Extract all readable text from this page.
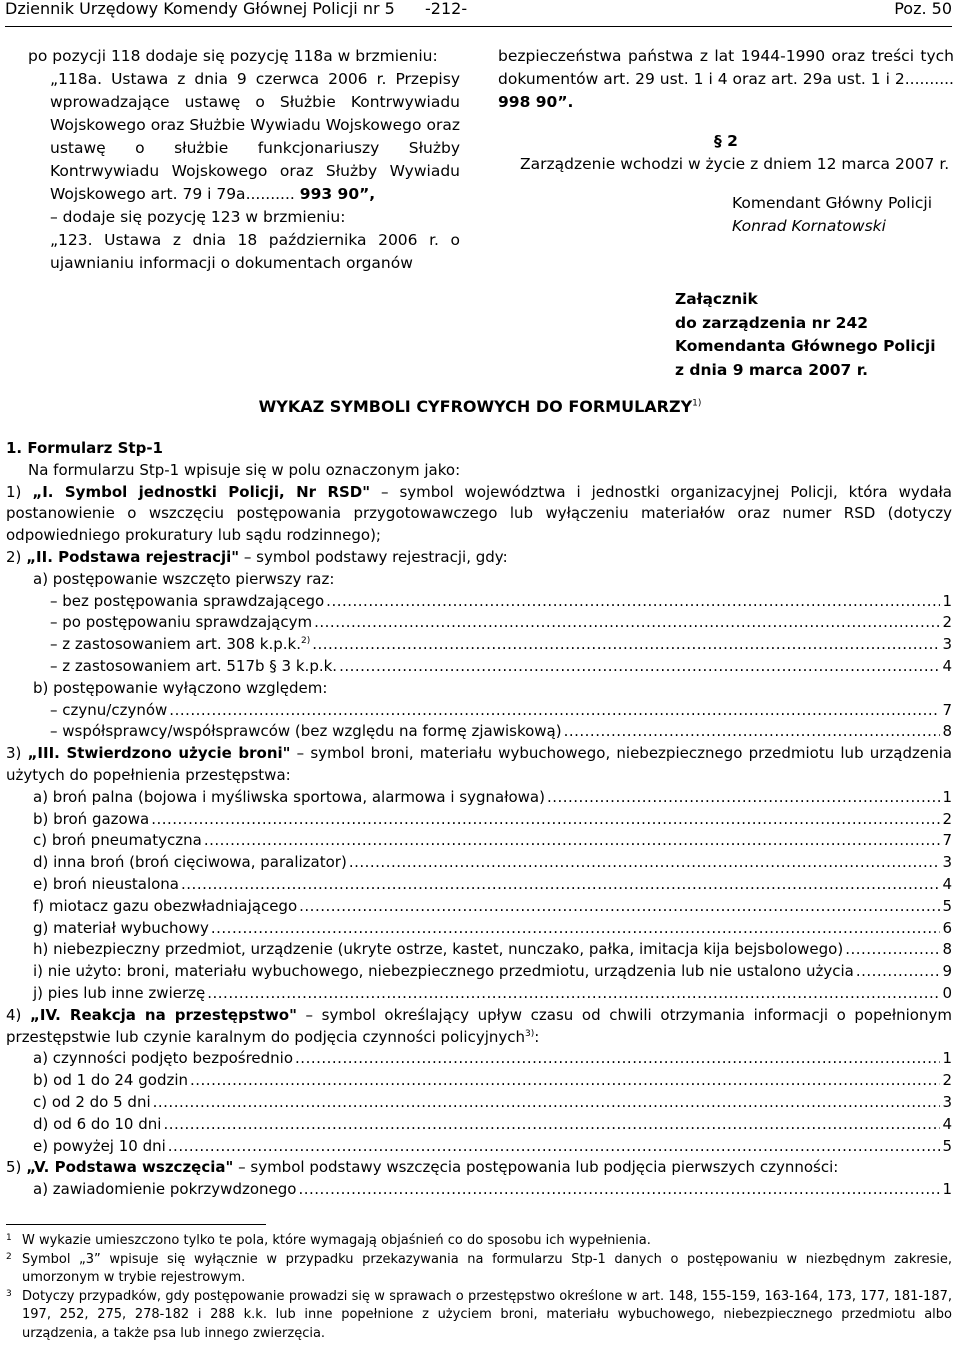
Dziennik Urzędowy Komendy Głównej Policji nr 5 -212-	Poz. 50
po pozycji 118 dodaje się pozycję 118a w brzmieniu:
„118a. Ustawa z dnia 9 czerwca 2006 r. Przepisy wprowadzające ustawę o Służbie Kontrwywiadu Wojskowego oraz Służbie Wywiadu Wojskowego oraz ustawę o służbie funkcjonariuszy Służby Kontrwywiadu Wojskowego oraz Służby Wywiadu Wojskowego art. 79 i 79a.......... 993 90”,
– dodaje się pozycję 123 w brzmieniu:
„123. Ustawa z dnia 18 października 2006 r. o ujawnianiu informacji o dokumentach organów
bezpieczeństwa państwa z lat 1944-1990 oraz treści tych dokumentów art. 29 ust. 1 i 4 oraz art. 29a ust. 1 i 2.......... 998 90”.
§ 2
Zarządzenie wchodzi w życie z dniem 12 marca 2007 r.
Komendant Główny Policji
Konrad Kornatowski
Załącznik
do zarządzenia nr 242
Komendanta Głównego Policji
z dnia 9 marca 2007 r.
WYKAZ SYMBOLI CYFROWYCH DO FORMULARZY$^{1)}$
1. Formularz Stp-1
Na formularzu Stp-1 wpisuje się w polu oznaczonym jako:
1) „I. Symbol jednostki Policji, Nr RSD" – symbol województwa i jednostki organizacyjnej Policji, która wydała postanowienie o wszczęciu postępowania przygotowawczego lub wyłączeniu materiałów oraz numer RSD (dotyczy odpowiedniego prokuratury lub sądu rodzinnego);
2) „II. Podstawa rejestracji" – symbol podstawy rejestracji, gdy:
a) postępowanie wszczęto pierwszy raz:
– bez postępowania sprawdzającego .....	1
– po postępowaniu sprawdzającym .....	2
– z zastosowaniem art. 308 k.p.k.$^{2)}$ .....	3
– z zastosowaniem art. 517b § 3 k.p.k. .....	4
b) postępowanie wyłączono względem:
– czynu/czynów .....	7
– współsprawcy/współsprawców (bez względu na formę zjawiskową) .....	8
3) „III. Stwierdzono użycie broni" – symbol broni, materiału wybuchowego, niebezpiecznego przedmiotu lub urządzenia użytych do popełnienia przestępstwa:
a) broń palna (bojowa i myśliwska sportowa, alarmowa i sygnałowa) .....	1
b) broń gazowa .....	2
c) broń pneumatyczna .....	7
d) inna broń (broń cięciwowa, paralizator) .....	3
e) broń nieustalona .....	4
f) miotacz gazu obezwładniającego .....	5
g) materiał wybuchowy .....	6
h) niebezpieczny przedmiot, urządzenie (ukryte ostrze, kastet, nunczako, pałka, imitacja kija bejsbolowego) .....	8
i) nie użyto: broni, materiału wybuchowego, niebezpiecznego przedmiotu, urządzenia lub nie ustalono użycia .....	9
j) pies lub inne zwierzę .....	0
4) „IV. Reakcja na przestępstwo" – symbol określający upływ czasu od chwili otrzymania informacji o popełnionym przestępstwie lub czynie karalnym do podjęcia czynności policyjnych$^{3)}$:
a) czynności podjęto bezpośrednio .....	1
b) od 1 do 24 godzin .....	2
c) od 2 do 5 dni .....	3
d) od 6 do 10 dni .....	4
e) powyżej 10 dni .....	5
5) „V. Podstawa wszczęcia" – symbol podstawy wszczęcia postępowania lub podjęcia pierwszych czynności:
a) zawiadomienie pokrzywdzonego .....	1
1 W wykazie umieszczono tylko te pola, które wymagają objaśnień co do sposobu ich wypełnienia.
2 Symbol „3” wpisuje się wyłącznie w przypadku przekazywania na formularzu Stp-1 danych o postępowaniu w niezbędnym zakresie, umorzonym w trybie rejestrowym.
3 Dotyczy przypadków, gdy postępowanie prowadzi się w sprawach o przestępstwo określone w art. 148, 155-159, 163-164, 173, 177, 181-187, 197, 252, 275, 278-182 i 288 k.k. lub inne popełnione z użyciem broni, materiału wybuchowego, niebezpiecznego przedmiotu albo urządzenia, a także psa lub innego zwierzęcia.
